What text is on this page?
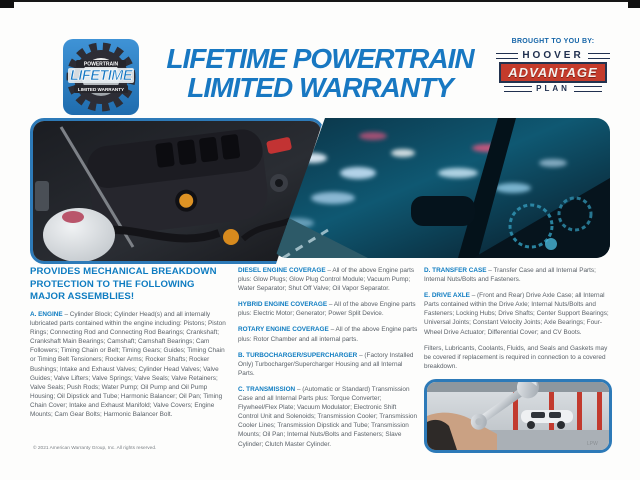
POWERTRAIN
LIFETIME
LIMITED WARRANTY
LIFETIME POWERTRAIN
LIMITED WARRANTY
BROUGHT TO YOU BY:
HOOVER
ADVANTAGE
PLAN

PROVIDES MECHANICAL BREAKDOWN PROTECTION TO THE FOLLOWING MAJOR ASSEMBLIES!

A. ENGINE – Cylinder Block; Cylinder Head(s) and all internally lubricated parts contained within the engine including: Pistons; Piston Rings; Connecting Rod and Connecting Rod Bearings; Crankshaft; Crankshaft Main Bearings; Camshaft; Camshaft Bearings; Cam Followers; Timing Chain or Belt; Timing Gears; Guides; Timing Chain or Timing Belt Tensioners; Rocker Arms; Rocker Shafts; Rocker Bushings; Intake and Exhaust Valves; Cylinder Head Valves; Valve Guides; Valve Lifters; Valve Springs; Valve Seals; Valve Retainers; Valve Seals; Push Rods; Water Pump; Oil Pump and Oil Pump Housing; Oil Dipstick and Tube; Harmonic Balancer; Oil Pan; Timing Chain Cover; Intake and Exhaust Manifold; Valve Covers; Engine Mounts; Cam Gear Bolts; Harmonic Balancer Bolt.

DIESEL ENGINE COVERAGE – All of the above Engine parts plus: Glow Plugs; Glow Plug Control Module; Vacuum Pump; Water Separator; Shut Off Valve; Oil Vapor Separator.

HYBRID ENGINE COVERAGE – All of the above Engine parts plus: Electric Motor; Generator; Power Split Device.

ROTARY ENGINE COVERAGE – All of the above Engine parts plus: Rotor Chamber and all internal parts.

B. TURBOCHARGER/SUPERCHARGER – (Factory Installed Only) Turbocharger/Supercharger Housing and all Internal Parts.

C. TRANSMISSION – (Automatic or Standard) Transmission Case and all Internal Parts plus: Torque Converter; Flywheel/Flex Plate; Vacuum Modulator; Electronic Shift Control Unit and Solenoids; Transmission Cooler; Transmission Cooler Lines; Transmission Dipstick and Tube; Transmission Mounts; Oil Pan; Internal Nuts/Bolts and Fasteners; Slave Cylinder; Clutch Master Cylinder.

D. TRANSFER CASE – Transfer Case and all Internal Parts; Internal Nuts/Bolts and Fasteners.

E. DRIVE AXLE – (Front and Rear) Drive Axle Case; all Internal Parts contained within the Drive Axle; Internal Nuts/Bolts and Fasteners; Locking Hubs; Drive Shafts; Center Support Bearings; Universal Joints; Constant Velocity Joints; Axle Bearings; Four-Wheel Drive Actuator; Differential Cover; and CV Boots.

Filters, Lubricants, Coolants, Fluids, and Seals and Gaskets may be covered if replacement is required in connection to a covered breakdown.

© 2021 American Warranty Group, Inc. All rights reserved.
LPW
